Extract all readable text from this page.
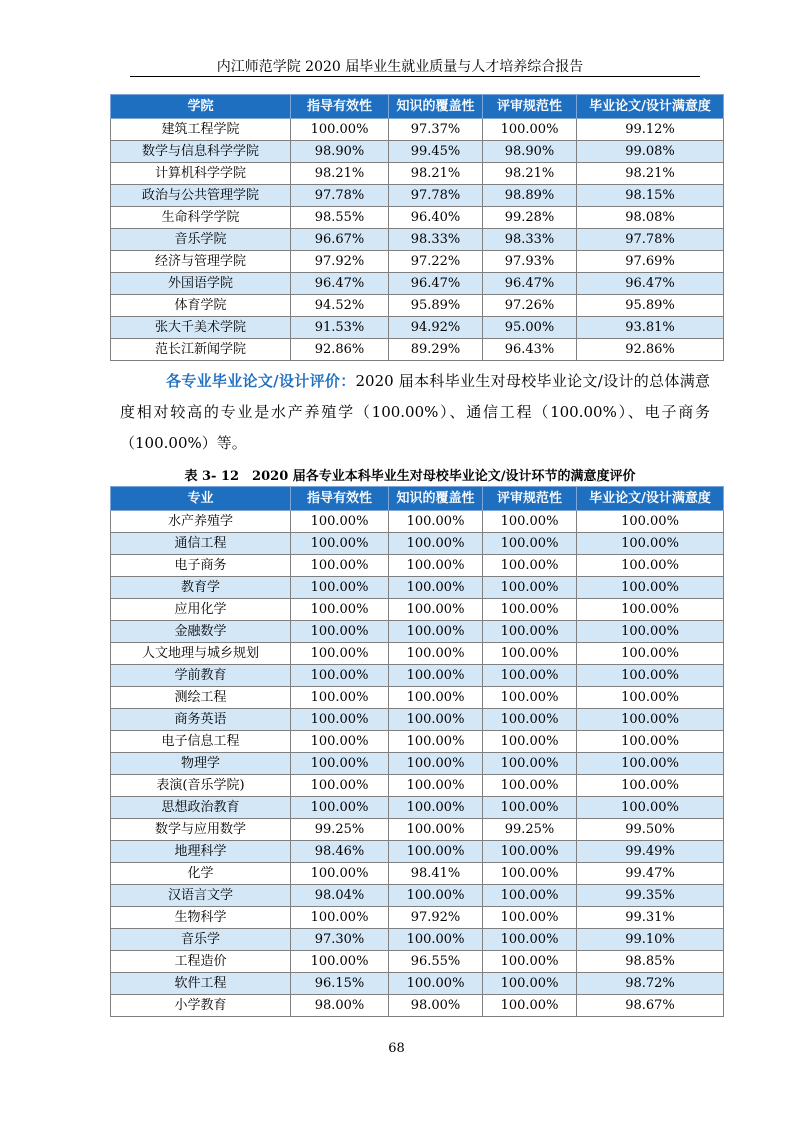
内江师范学院 2020 届毕业生就业质量与人才培养综合报告
学院	指导有效性	知识的覆盖性	评审规范性	毕业论文/设计满意度
建筑工程学院	100.00%	97.37%	100.00%	99.12%
数学与信息科学学院	98.90%	99.45%	98.90%	99.08%
计算机科学学院	98.21%	98.21%	98.21%	98.21%
政治与公共管理学院	97.78%	97.78%	98.89%	98.15%
生命科学学院	98.55%	96.40%	99.28%	98.08%
音乐学院	96.67%	98.33%	98.33%	97.78%
经济与管理学院	97.92%	97.22%	97.93%	97.69%
外国语学院	96.47%	96.47%	96.47%	96.47%
体育学院	94.52%	95.89%	97.26%	95.89%
张大千美术学院	91.53%	94.92%	95.00%	93.81%
范长江新闻学院	92.86%	89.29%	96.43%	92.86%
各专业毕业论文/设计评价：2020 届本科毕业生对母校毕业论文/设计的总体满意度相对较高的专业是水产养殖学（100.00%）、通信工程（100.00%）、电子商务（100.00%）等。
表 3- 12　2020 届各专业本科毕业生对母校毕业论文/设计环节的满意度评价
专业	指导有效性	知识的覆盖性	评审规范性	毕业论文/设计满意度
水产养殖学	100.00%	100.00%	100.00%	100.00%
通信工程	100.00%	100.00%	100.00%	100.00%
电子商务	100.00%	100.00%	100.00%	100.00%
教育学	100.00%	100.00%	100.00%	100.00%
应用化学	100.00%	100.00%	100.00%	100.00%
金融数学	100.00%	100.00%	100.00%	100.00%
人文地理与城乡规划	100.00%	100.00%	100.00%	100.00%
学前教育	100.00%	100.00%	100.00%	100.00%
测绘工程	100.00%	100.00%	100.00%	100.00%
商务英语	100.00%	100.00%	100.00%	100.00%
电子信息工程	100.00%	100.00%	100.00%	100.00%
物理学	100.00%	100.00%	100.00%	100.00%
表演(音乐学院)	100.00%	100.00%	100.00%	100.00%
思想政治教育	100.00%	100.00%	100.00%	100.00%
数学与应用数学	99.25%	100.00%	99.25%	99.50%
地理科学	98.46%	100.00%	100.00%	99.49%
化学	100.00%	98.41%	100.00%	99.47%
汉语言文学	98.04%	100.00%	100.00%	99.35%
生物科学	100.00%	97.92%	100.00%	99.31%
音乐学	97.30%	100.00%	100.00%	99.10%
工程造价	100.00%	96.55%	100.00%	98.85%
软件工程	96.15%	100.00%	100.00%	98.72%
小学教育	98.00%	98.00%	100.00%	98.67%
68
